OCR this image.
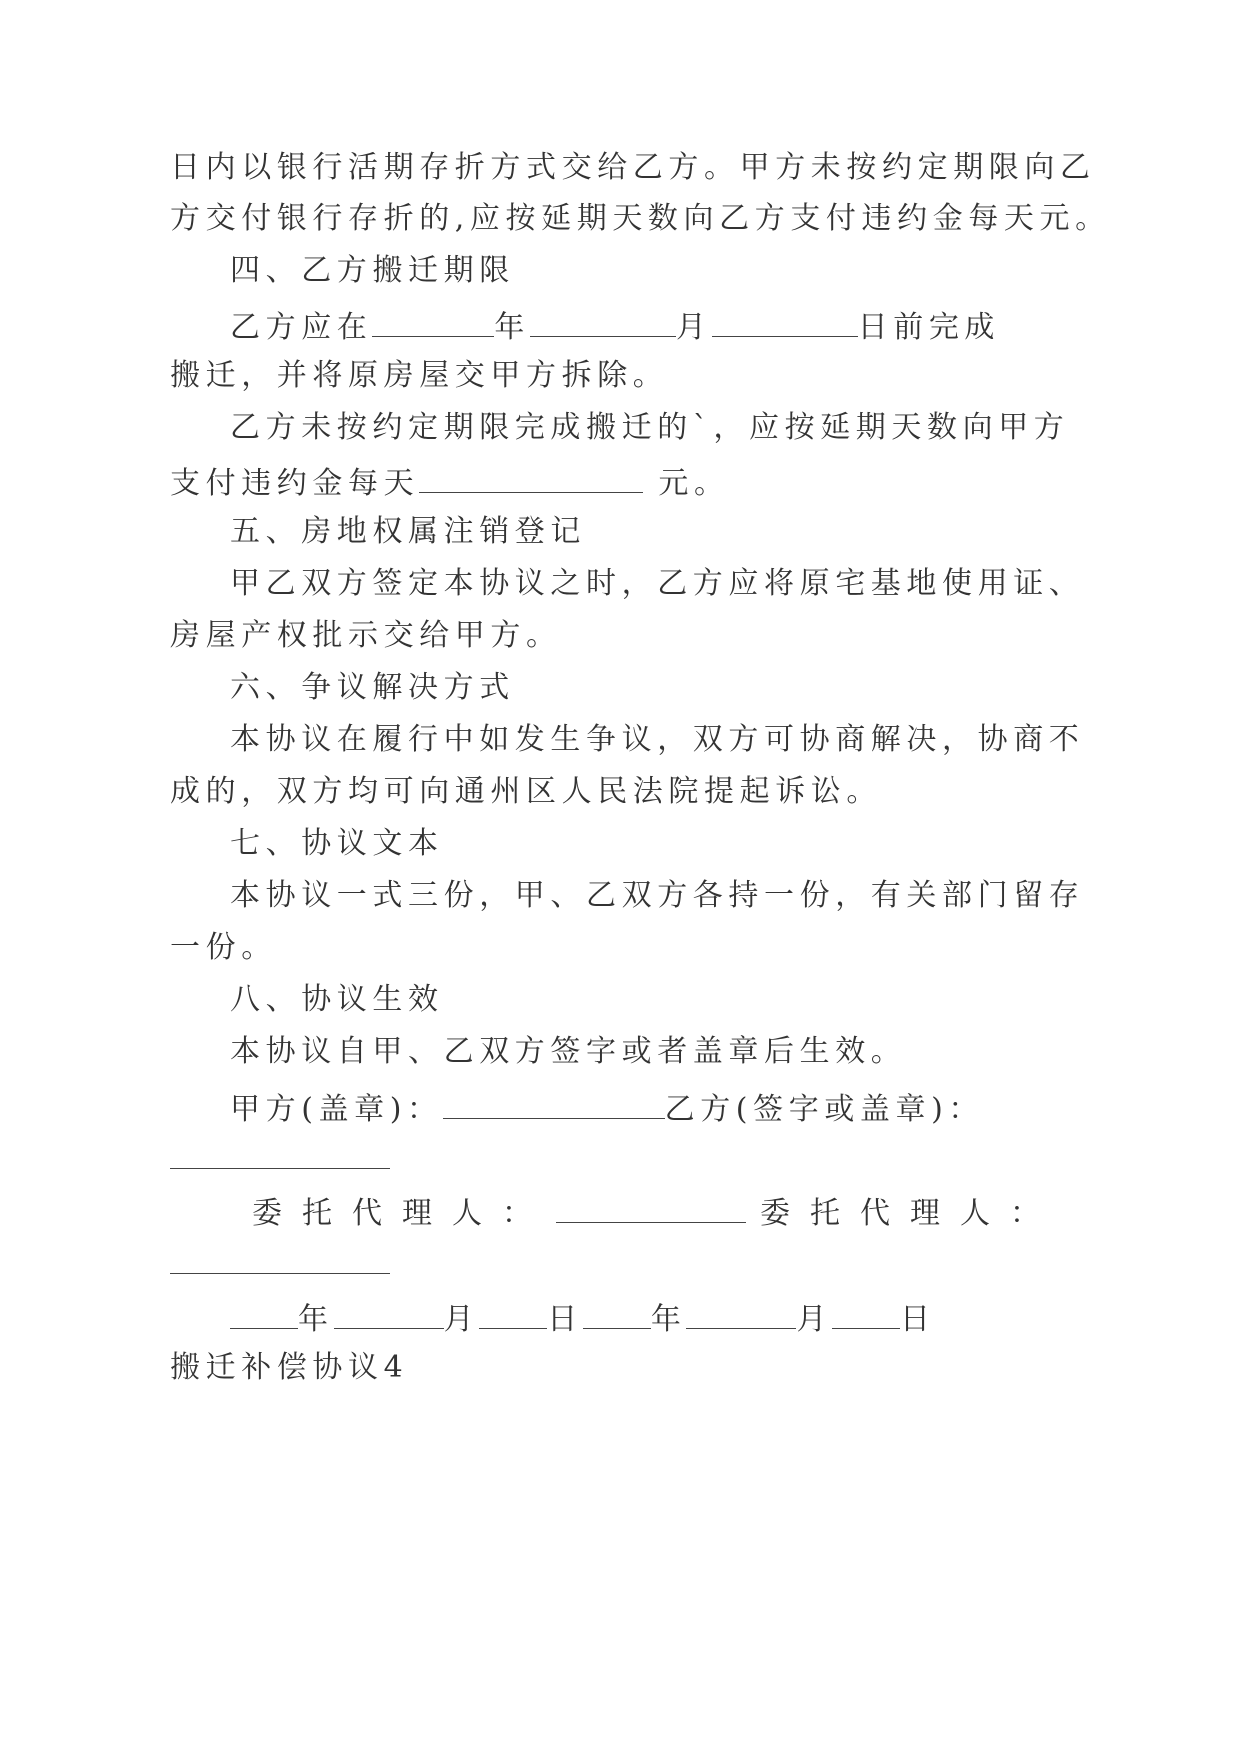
日内以银行活期存折方式交给乙方。甲方未按约定期限向乙
方交付银行存折的,应按延期天数向乙方支付违约金每天元。
四、乙方搬迁期限
乙方应在	年	月	日前完成
搬迁，并将原房屋交甲方拆除。
乙方未按约定期限完成搬迁的`，应按延期天数向甲方
支付违约金每天	元。
五、房地权属注销登记
甲乙双方签定本协议之时，乙方应将原宅基地使用证、
房屋产权批示交给甲方。
六、争议解决方式
本协议在履行中如发生争议，双方可协商解决，协商不
成的，双方均可向通州区人民法院提起诉讼。
七、协议文本
本协议一式三份，甲、乙双方各持一份，有关部门留存
一份。
八、协议生效
本协议自甲、乙双方签字或者盖章后生效。
甲方(盖章)：	乙方(签字或盖章)：
委托代理人：	委托代理人：
年	月 日 年	月 日
搬迁补偿协议4
